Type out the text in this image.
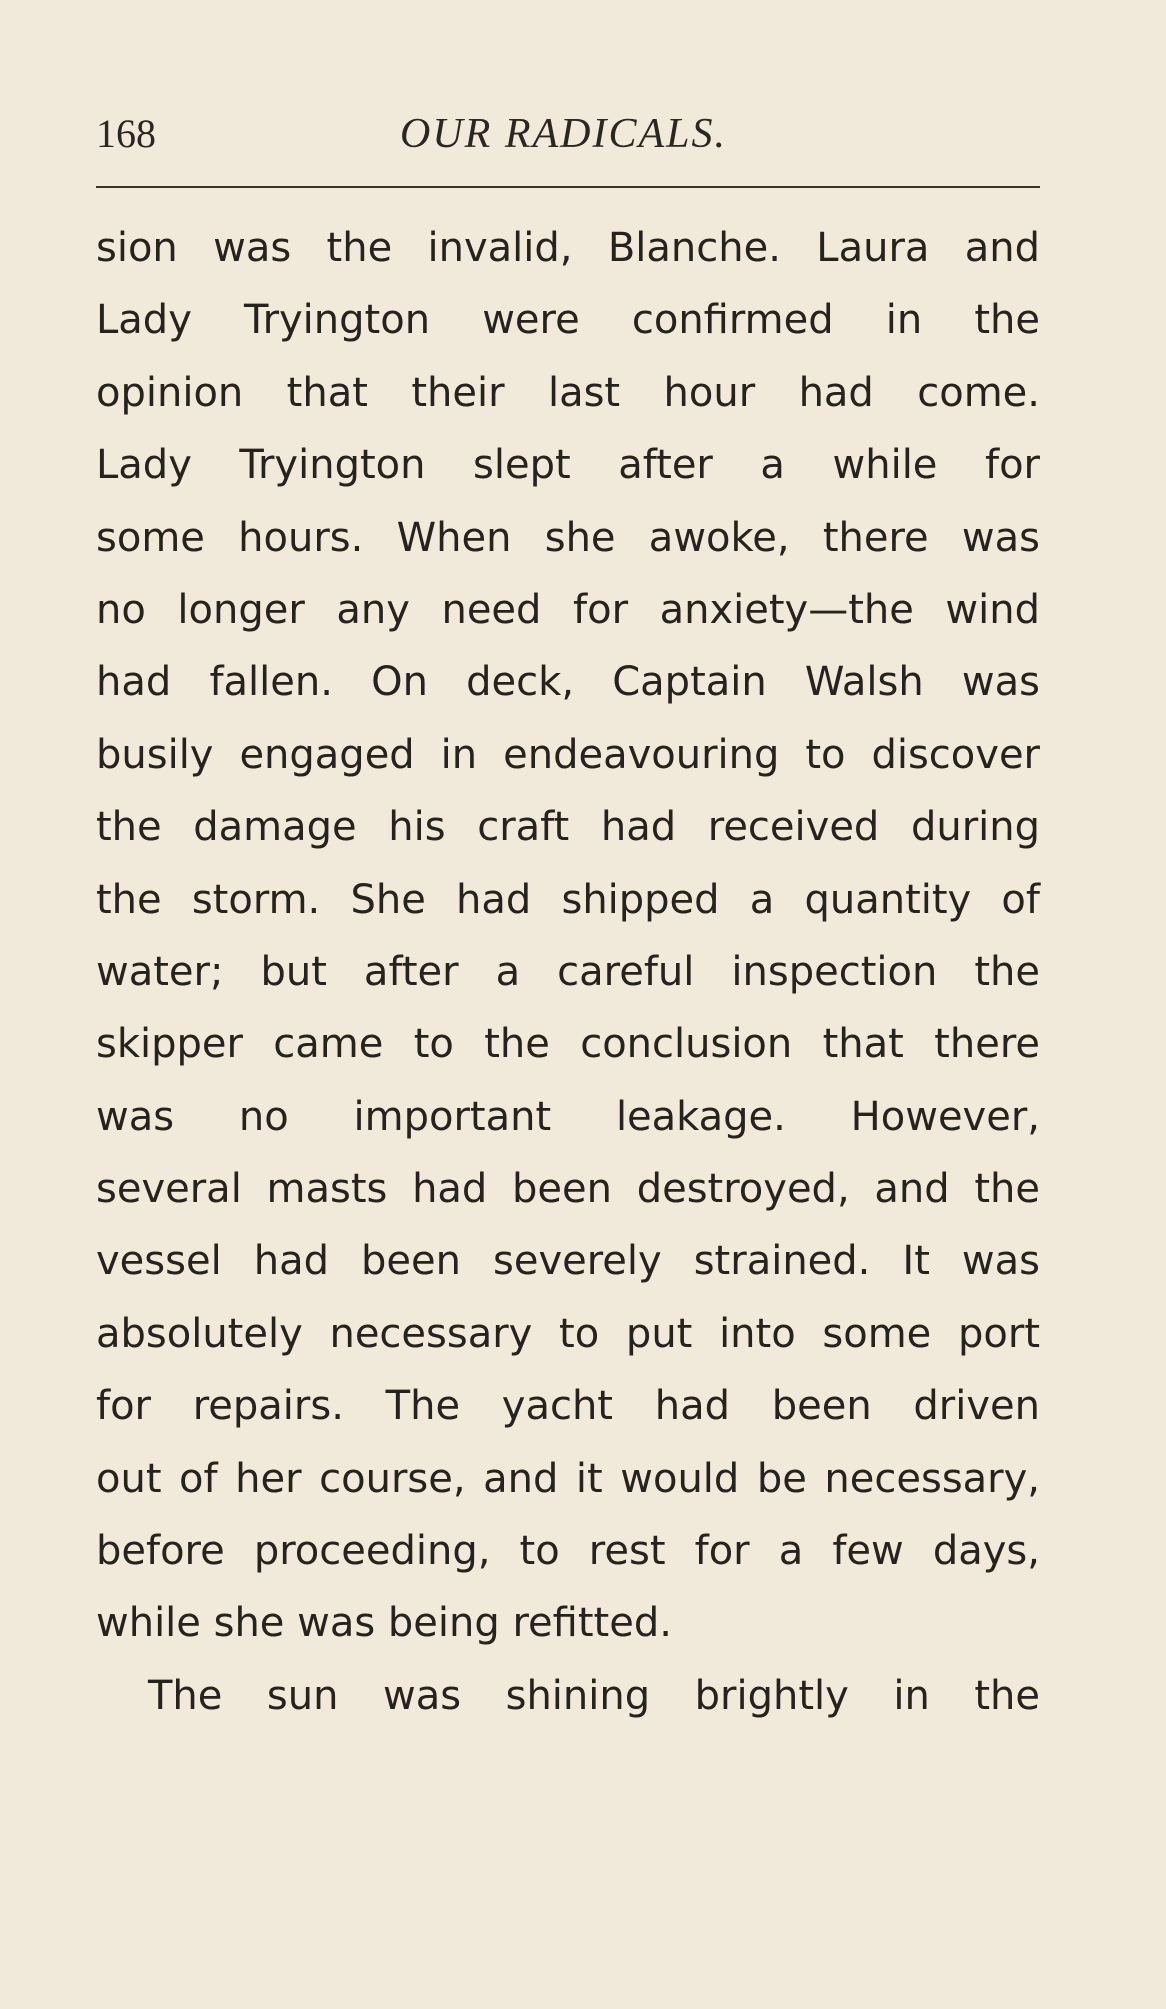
168	OUR RADICALS.
sion was the invalid, Blanche. Laura and
Lady Tryington were confirmed in the
opinion that their last hour had come.
Lady Tryington slept after a while for
some hours. When she awoke, there was
no longer any need for anxiety—the wind
had fallen. On deck, Captain Walsh was
busily engaged in endeavouring to discover
the damage his craft had received during
the storm. She had shipped a quantity of
water; but after a careful inspection the
skipper came to the conclusion that there
was no important leakage. However,
several masts had been destroyed, and the
vessel had been severely strained. It was
absolutely necessary to put into some port
for repairs. The yacht had been driven
out of her course, and it would be necessary,
before proceeding, to rest for a few days,
while she was being refitted.
The sun was shining brightly in the
